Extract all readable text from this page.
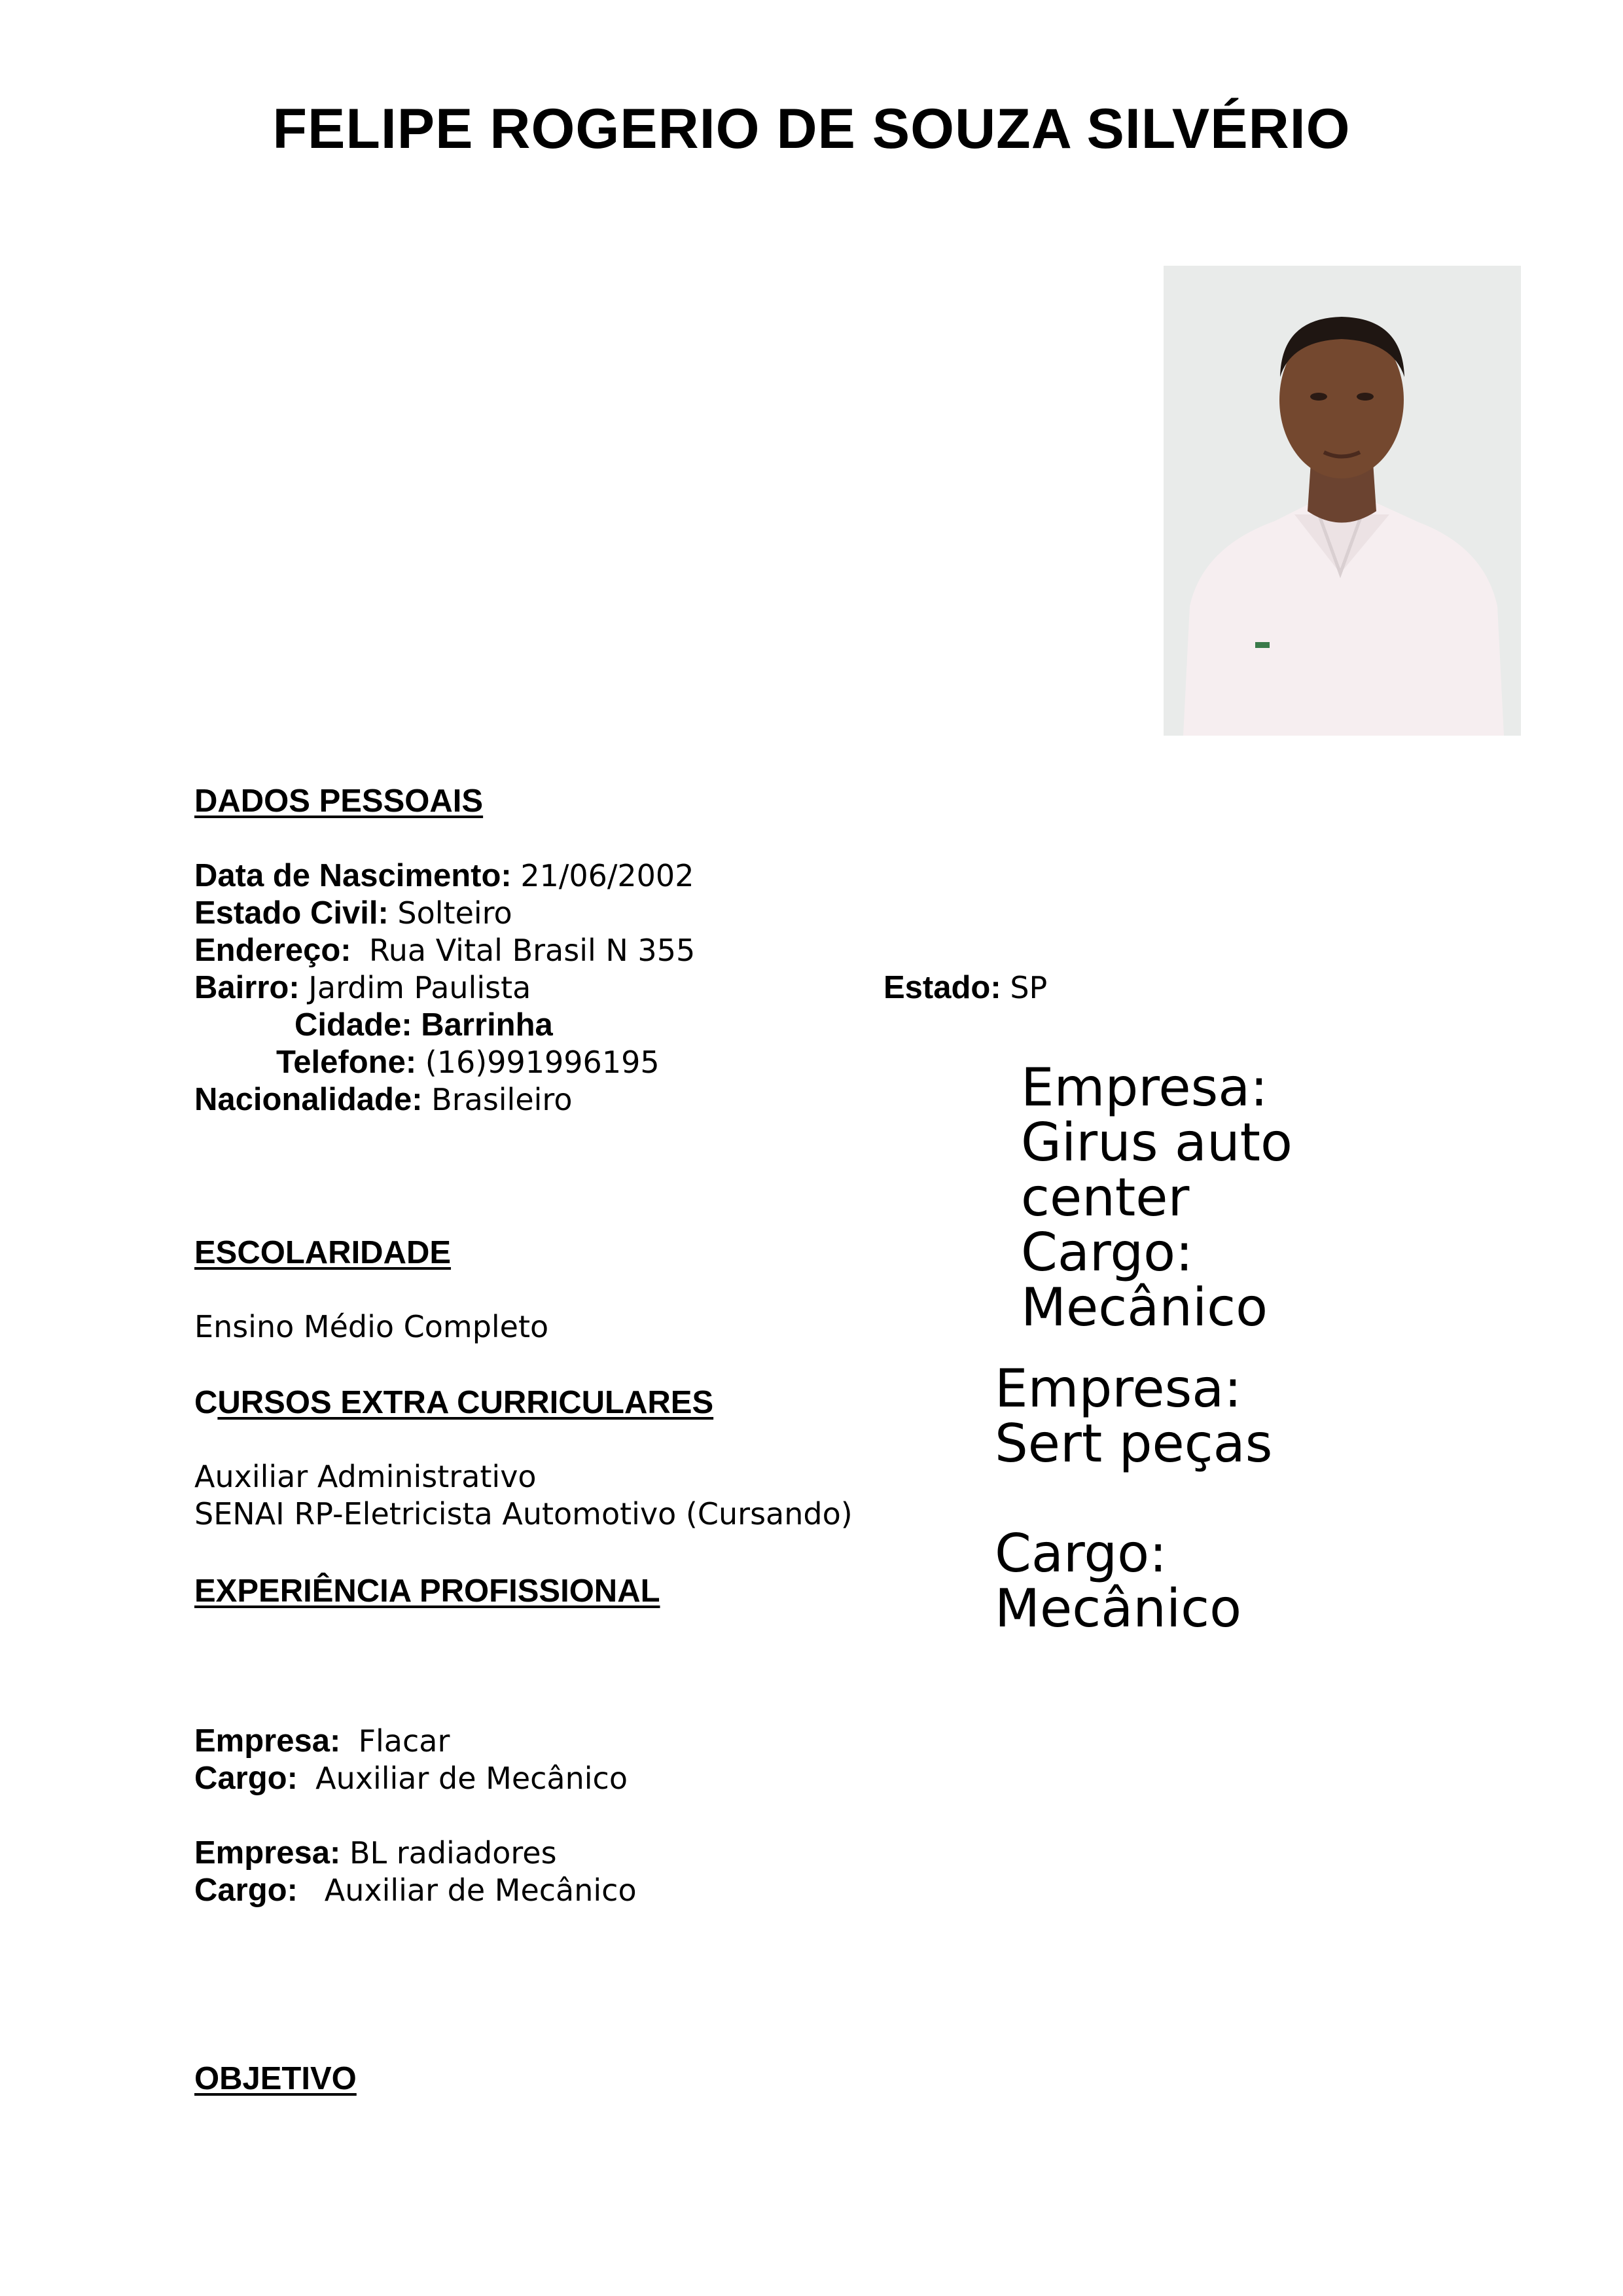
FELIPE ROGERIO DE SOUZA SILVÉRIO
DADOS PESSOAIS
Data de Nascimento: 21/06/2002
Estado Civil: Solteiro
Endereço: Rua Vital Brasil N 355
Bairro: Jardim Paulista	Estado: SP
Cidade: Barrinha
Telefone: (16)991996195
Nacionalidade: Brasileiro
ESCOLARIDADE
Ensino Médio Completo
CURSOS EXTRA CURRICULARES
Auxiliar Administrativo
SENAI RP-Eletricista Automotivo (Cursando)
EXPERIÊNCIA PROFISSIONAL
Empresa: Flacar
Cargo: Auxiliar de Mecânico
Empresa: BL radiadores
Cargo: Auxiliar de Mecânico
Empresa:
Girus auto
center
Cargo:
Mecânico
Empresa:
Sert peças
Cargo:
Mecânico
OBJETIVO
